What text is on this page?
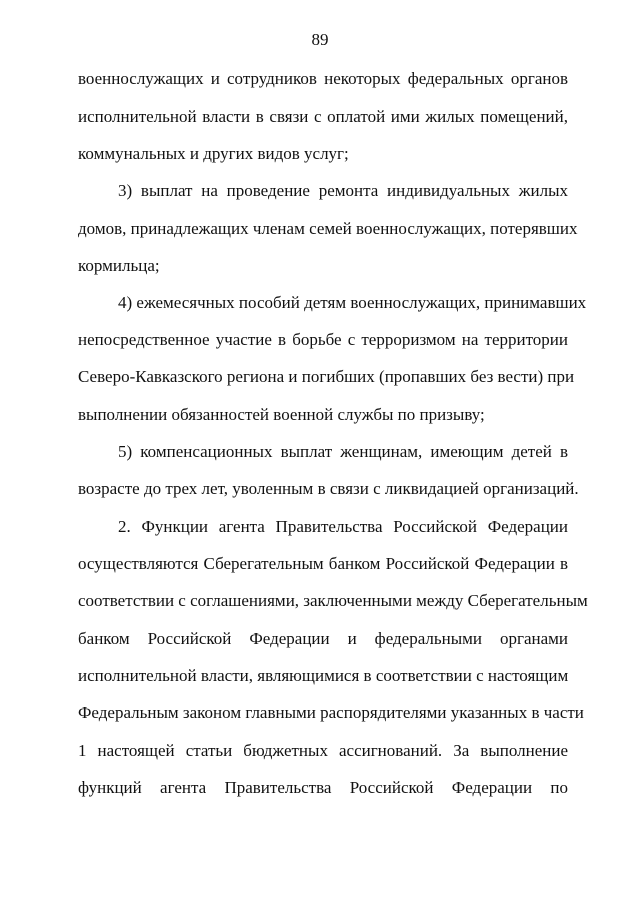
89
военнослужащих и сотрудников некоторых федеральных органов
исполнительной власти в связи с оплатой ими жилых помещений,
коммунальных и других видов услуг;
3) выплат на проведение ремонта индивидуальных жилых
домов, принадлежащих членам семей военнослужащих, потерявших
кормильца;
4) ежемесячных пособий детям военнослужащих, принимавших
непосредственное участие в борьбе с терроризмом на территории
Северо-Кавказского региона и погибших (пропавших без вести) при
выполнении обязанностей военной службы по призыву;
5) компенсационных выплат женщинам, имеющим детей в
возрасте до трех лет, уволенным в связи с ликвидацией организаций.
2. Функции агента Правительства Российской Федерации
осуществляются Сберегательным банком Российской Федерации в
соответствии с соглашениями, заключенными между Сберегательным
банком Российской Федерации и федеральными органами
исполнительной власти, являющимися в соответствии с настоящим
Федеральным законом главными распорядителями указанных в части
1 настоящей статьи бюджетных ассигнований. За выполнение
функций агента Правительства Российской Федерации по
